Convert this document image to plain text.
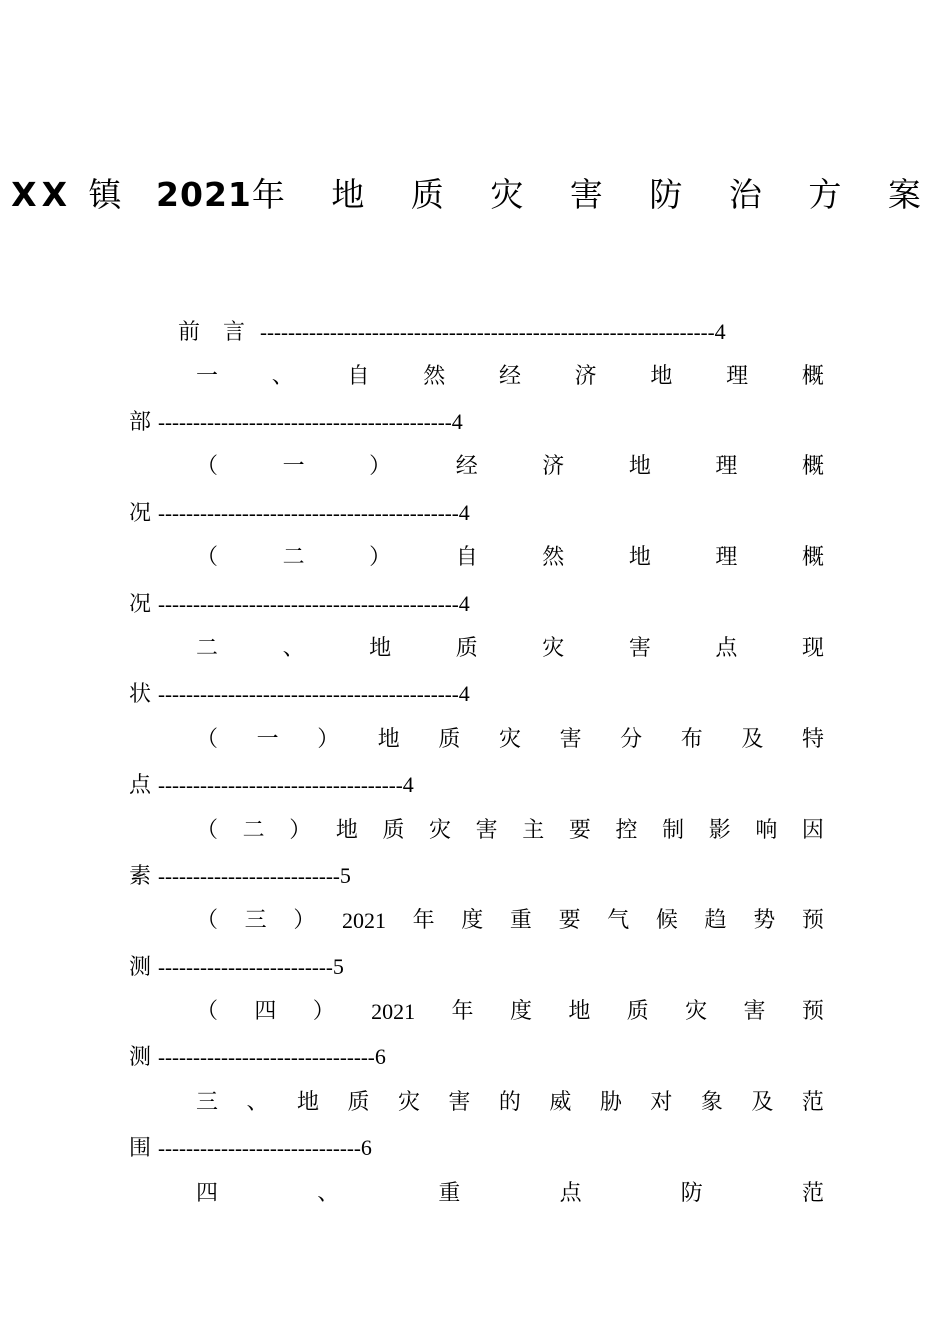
XX 镇 2021年 地 质 灾 害 防 治 方 案
前 言 -----------------------------------------------------------------4
一 、 自 然 经 济 地 理 概
部 ------------------------------------------4
（	一	）	经	济	地	理	概
况 -------------------------------------------4
（	二	）	自	然	地	理	概
况 -------------------------------------------4
二	、	地	质	灾	害	点	现
状 -------------------------------------------4
（ 一 ） 地 质 灾 害 分 布 及 特
点 -----------------------------------4
（ 二 ） 地 质 灾 害 主 要 控 制 影 响 因
素 --------------------------5
（ 三 ） 2021 年 度 重 要 气 候 趋 势 预
测 -------------------------5
（ 四 ） 2021 年 度 地 质 灾 害 预
测 -------------------------------6
三 、 地 质 灾 害 的 威 胁 对 象 及 范
围 -----------------------------6
四	、	重	点	防	范
